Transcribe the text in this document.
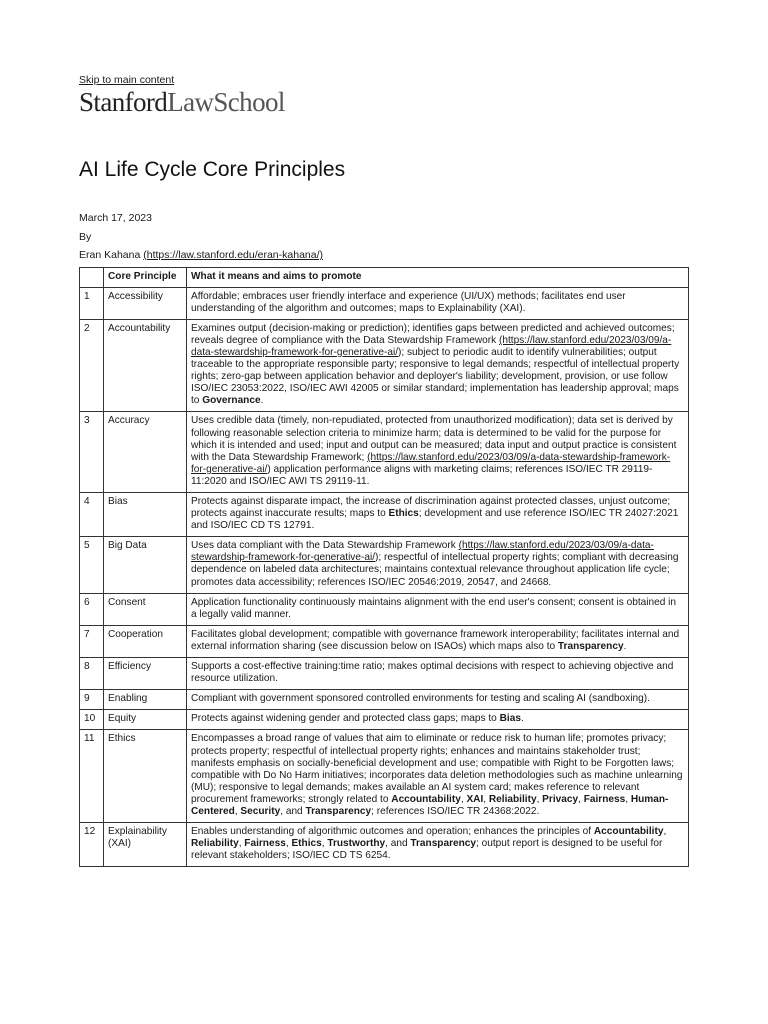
Skip to main content
StanfordLawSchool
AI Life Cycle Core Principles
March 17, 2023
By
Eran Kahana (https://law.stanford.edu/eran-kahana/)
	Core Principle	What it means and aims to promote
1	Accessibility	Affordable; embraces user friendly interface and experience (UI/UX) methods; facilitates end user understanding of the algorithm and outcomes; maps to Explainability (XAI).
2	Accountability	Examines output (decision-making or prediction); identifies gaps between predicted and achieved outcomes; reveals degree of compliance with the Data Stewardship Framework (https://law.stanford.edu/2023/03/09/a-data-stewardship-framework-for-generative-ai/); subject to periodic audit to identify vulnerabilities; output traceable to the appropriate responsible party; responsive to legal demands; respectful of intellectual property rights; zero-gap between application behavior and deployer's liability; development, provision, or use follow ISO/IEC 23053:2022, ISO/IEC AWI 42005 or similar standard; implementation has leadership approval; maps to Governance.
3	Accuracy	Uses credible data (timely, non-repudiated, protected from unauthorized modification); data set is derived by following reasonable selection criteria to minimize harm; data is determined to be valid for the purpose for which it is intended and used; input and output can be measured; data input and output practice is consistent with the Data Stewardship Framework; (https://law.stanford.edu/2023/03/09/a-data-stewardship-framework-for-generative-ai/) application performance aligns with marketing claims; references ISO/IEC TR 29119-11:2020 and ISO/IEC AWI TS 29119-11.
4	Bias	Protects against disparate impact, the increase of discrimination against protected classes, unjust outcome; protects against inaccurate results; maps to Ethics; development and use reference ISO/IEC TR 24027:2021 and ISO/IEC CD TS 12791.
5	Big Data	Uses data compliant with the Data Stewardship Framework (https://law.stanford.edu/2023/03/09/a-data-stewardship-framework-for-generative-ai/); respectful of intellectual property rights; compliant with decreasing dependence on labeled data architectures; maintains contextual relevance throughout application life cycle; promotes data accessibility; references ISO/IEC 20546:2019, 20547, and 24668.
6	Consent	Application functionality continuously maintains alignment with the end user's consent; consent is obtained in a legally valid manner.
7	Cooperation	Facilitates global development; compatible with governance framework interoperability; facilitates internal and external information sharing (see discussion below on ISAOs) which maps also to Transparency.
8	Efficiency	Supports a cost-effective training:time ratio; makes optimal decisions with respect to achieving objective and resource utilization.
9	Enabling	Compliant with government sponsored controlled environments for testing and scaling AI (sandboxing).
10	Equity	Protects against widening gender and protected class gaps; maps to Bias.
11	Ethics	Encompasses a broad range of values that aim to eliminate or reduce risk to human life; promotes privacy; protects property; respectful of intellectual property rights; enhances and maintains stakeholder trust; manifests emphasis on socially-beneficial development and use; compatible with Right to be Forgotten laws; compatible with Do No Harm initiatives; incorporates data deletion methodologies such as machine unlearning (MU); responsive to legal demands; makes available an AI system card; makes reference to relevant procurement frameworks; strongly related to Accountability, XAI, Reliability, Privacy, Fairness, Human-Centered, Security, and Transparency; references ISO/IEC TR 24368:2022.
12	Explainability (XAI)	Enables understanding of algorithmic outcomes and operation; enhances the principles of Accountability, Reliability, Fairness, Ethics, Trustworthy, and Transparency; output report is designed to be useful for relevant stakeholders; ISO/IEC CD TS 6254.
